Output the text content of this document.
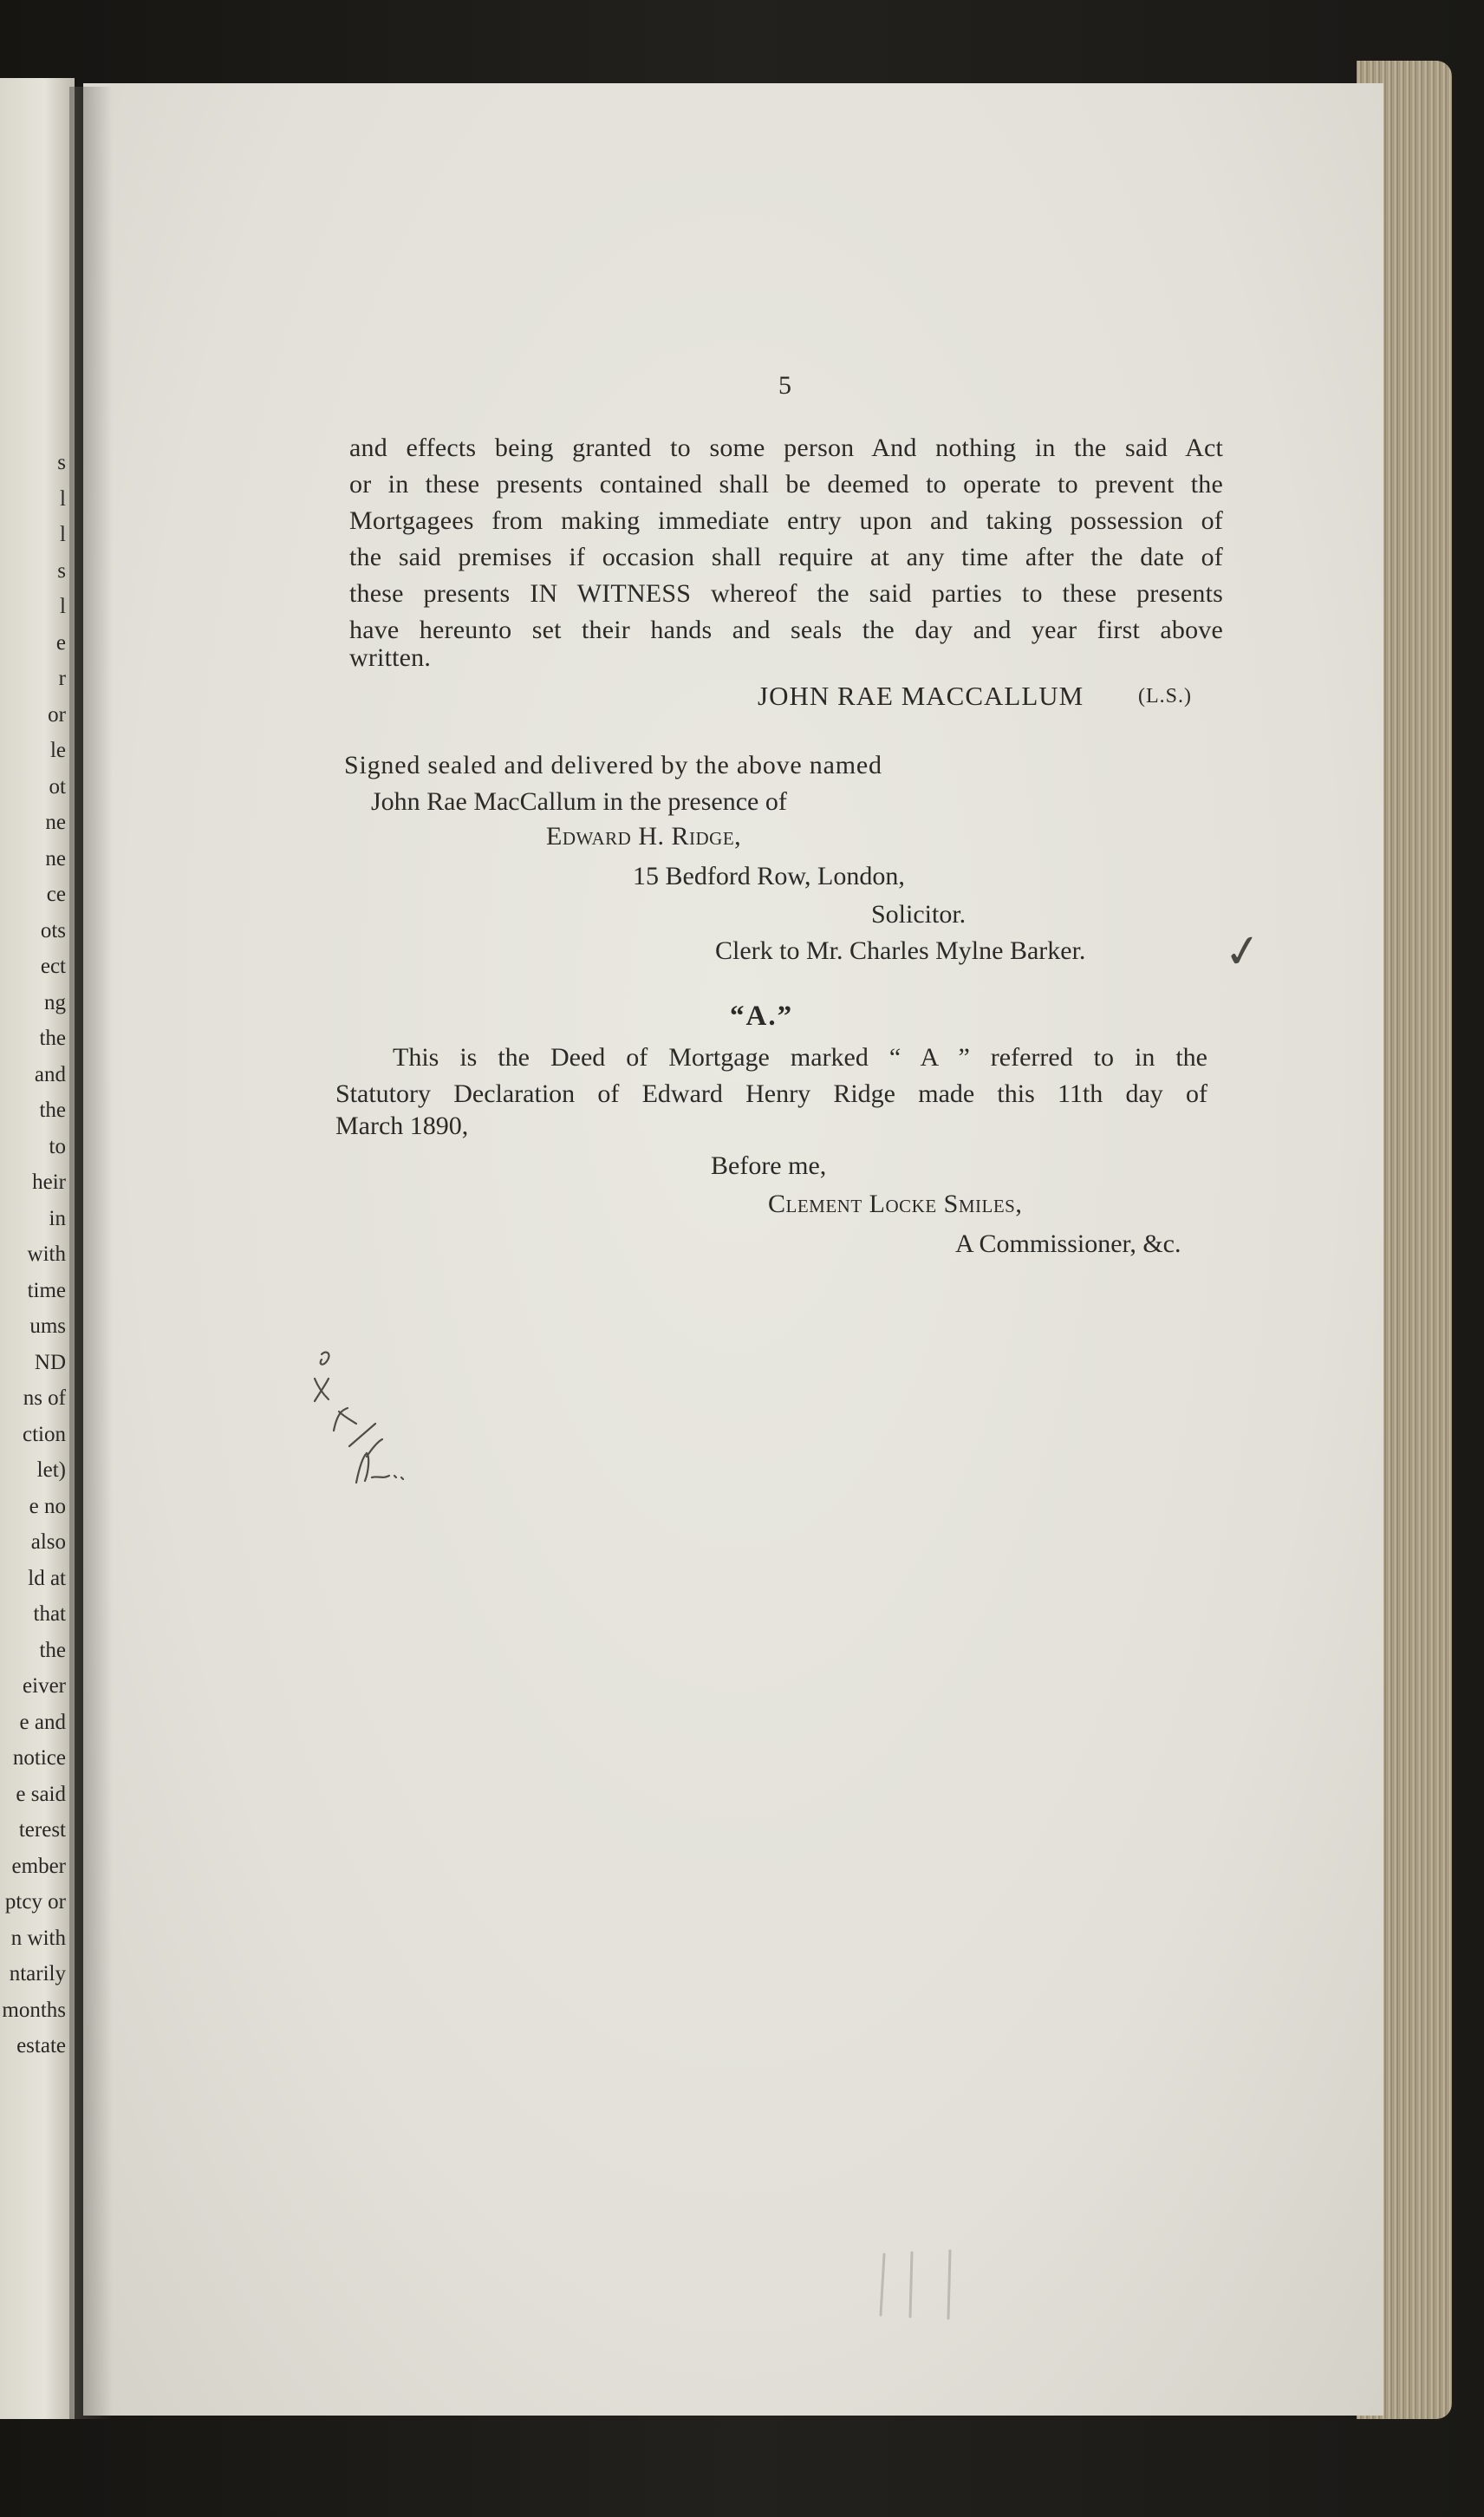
s
l
l
s
l
e
r
or
le
ot
ne
ne
ce
ots
ect
ng
the
and
the
to
heir
in
with
time
ums
ND
ns of
ction
let)
e no
also
ld at
that
the
eiver
e and
notice
e said
terest
ember
ptcy or
n with
ntarily
months
estate
5
and effects being granted to some person And nothing in the said Act
or in these presents contained shall be deemed to operate to prevent the
Mortgagees from making immediate entry upon and taking possession of
the said premises if occasion shall require at any time after the date of
these presents IN WITNESS whereof the said parties to these presents
have hereunto set their hands and seals the day and year first above
written.
JOHN RAE MACCALLUM	(L.S.)
Signed sealed and delivered by the above named
John Rae MacCallum in the presence of
Edward H. Ridge,
15 Bedford Row, London,
Solicitor.
Clerk to Mr. Charles Mylne Barker.
“A.”
This is the Deed of Mortgage marked “ A ” referred to in the
Statutory Declaration of Edward Henry Ridge made this 11th day of
March 1890,
Before me,
Clement Locke Smiles,
A Commissioner, &c.
✓
